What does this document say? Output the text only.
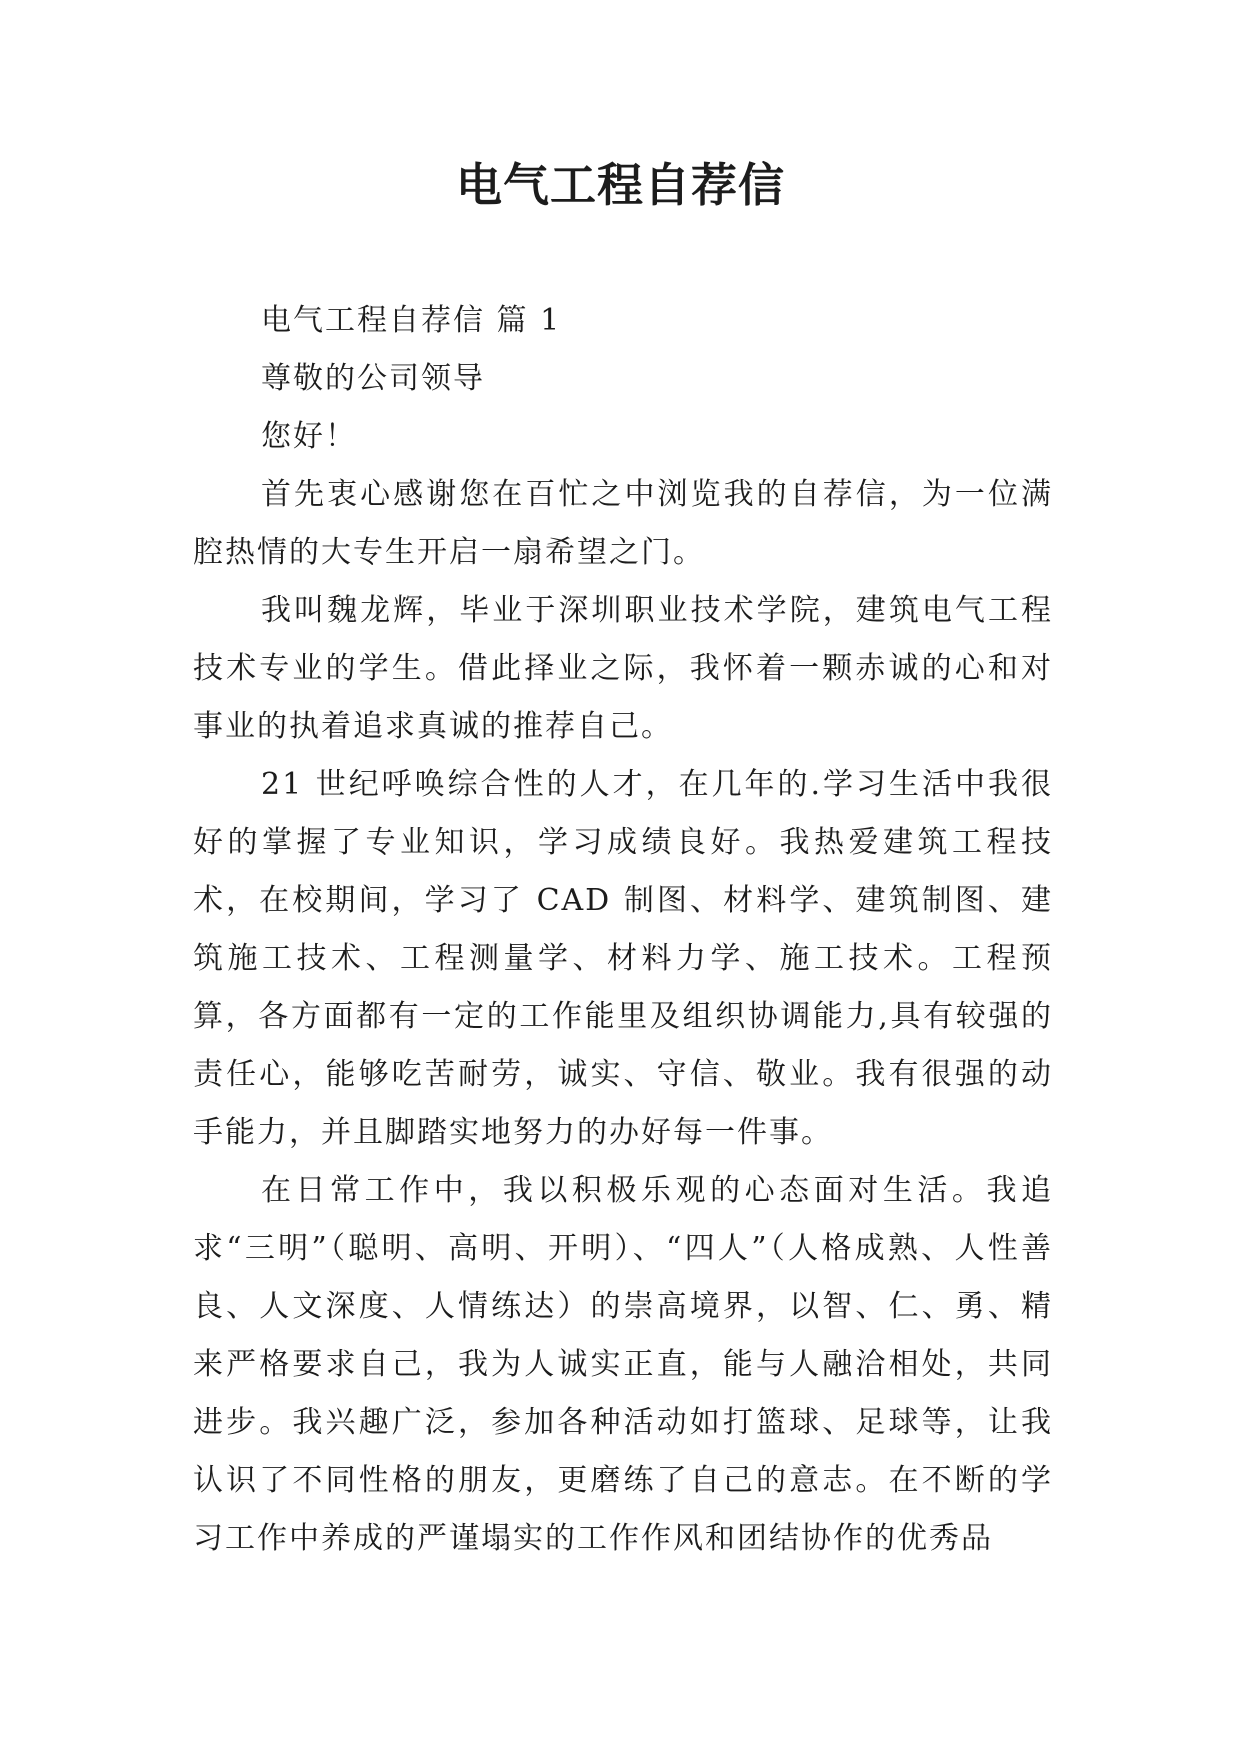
电气工程自荐信

电气工程自荐信 篇 1

尊敬的公司领导

您好！

首先衷心感谢您在百忙之中浏览我的自荐信，为一位满腔热情的大专生开启一扇希望之门。

我叫魏龙辉，毕业于深圳职业技术学院，建筑电气工程技术专业的学生。借此择业之际，我怀着一颗赤诚的心和对事业的执着追求真诚的推荐自己。

21 世纪呼唤综合性的人才，在几年的.学习生活中我很好的掌握了专业知识，学习成绩良好。我热爱建筑工程技术，在校期间，学习了 CAD 制图、材料学、建筑制图、建筑施工技术、工程测量学、材料力学、施工技术。工程预算，各方面都有一定的工作能里及组织协调能力,具有较强的责任心，能够吃苦耐劳，诚实、守信、敬业。我有很强的动手能力，并且脚踏实地努力的办好每一件事。

在日常工作中，我以积极乐观的心态面对生活。我追求“三明”（聪明、高明、开明）、“四人”（人格成熟、人性善良、人文深度、人情练达）的崇高境界，以智、仁、勇、精来严格要求自己，我为人诚实正直，能与人融洽相处，共同进步。我兴趣广泛，参加各种活动如打篮球、足球等，让我认识了不同性格的朋友，更磨练了自己的意志。在不断的学习工作中养成的严谨塌实的工作作风和团结协作的优秀品
